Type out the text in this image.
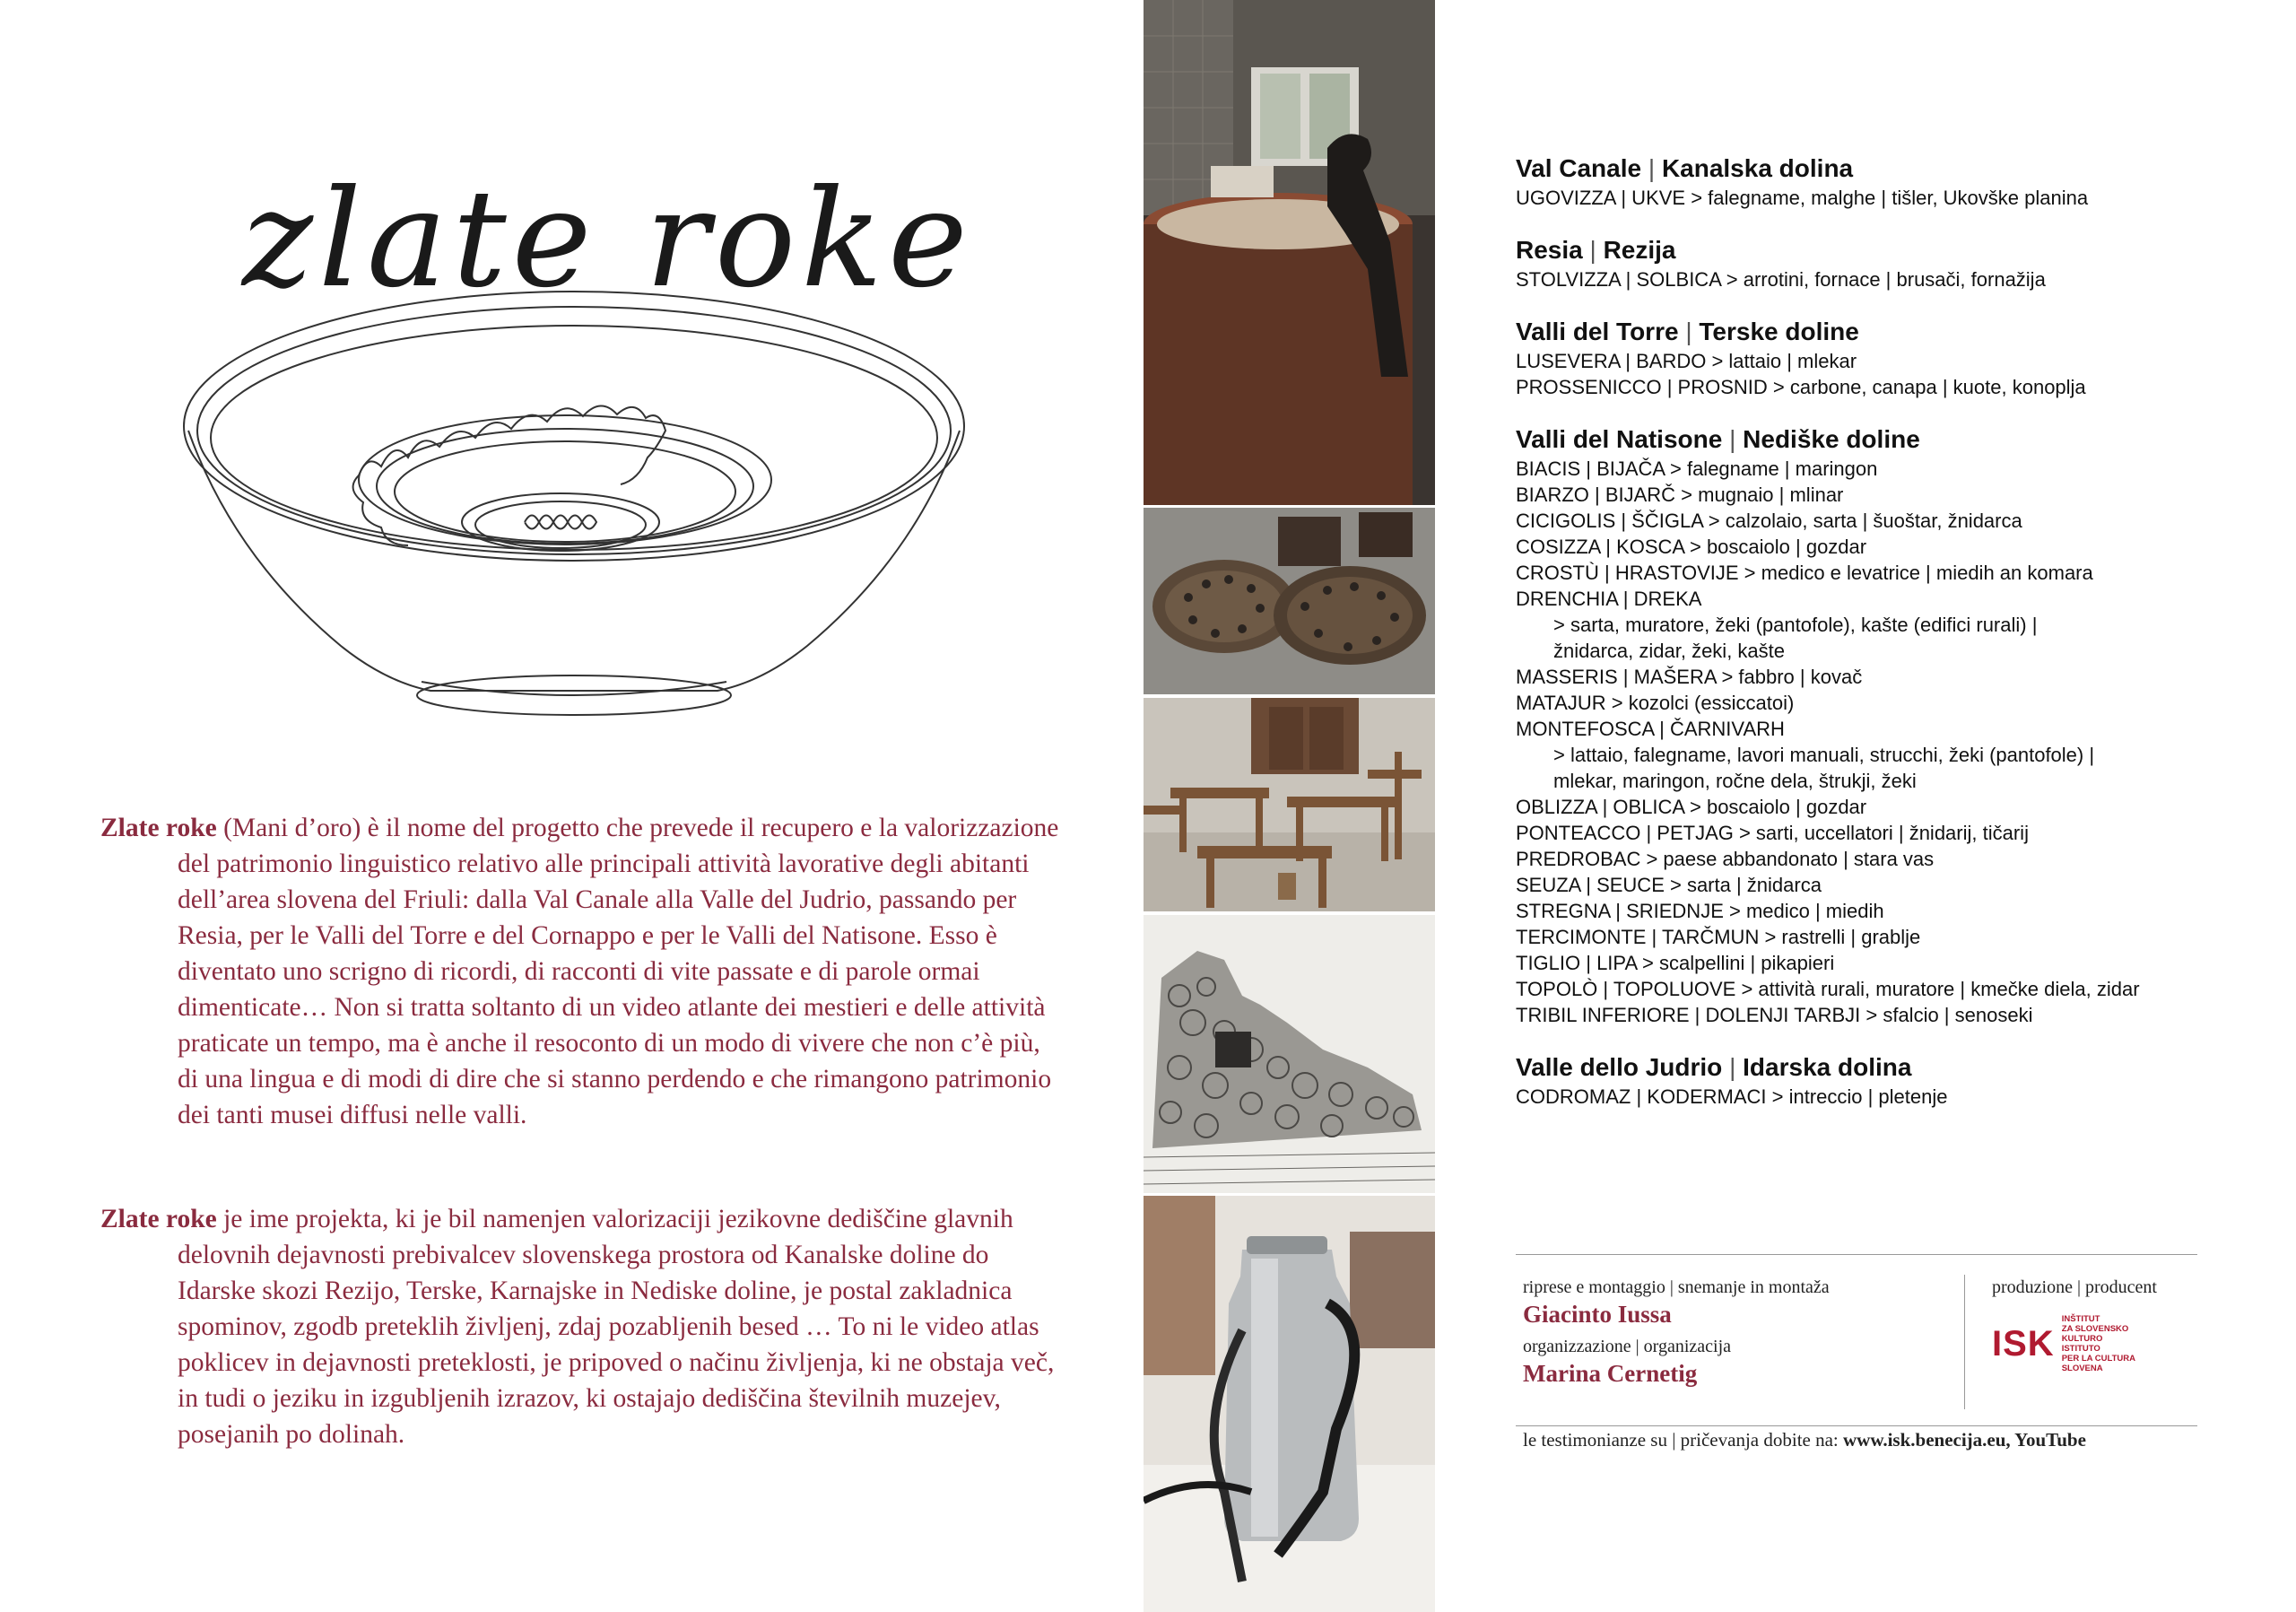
zlate roke

Zlate roke (Mani d’oro) è il nome del progetto che prevede il recupero e la valorizzazione del patrimonio linguistico relativo alle principali attività lavorative degli abitanti dell’area slovena del Friuli: dalla Val Canale alla Valle del Judrio, passando per Resia, per le Valli del Torre e del Cornappo e per le Valli del Natisone. Esso è diventato uno scrigno di ricordi, di racconti di vite passate e di parole ormai dimenticate… Non si tratta soltanto di un video atlante dei mestieri e delle attività praticate un tempo, ma è anche il resoconto di un modo di vivere che non c’è più, di una lingua e di modi di dire che si stanno perdendo e che rimangono patrimonio dei tanti musei diffusi nelle valli.

Zlate roke je ime projekta, ki je bil namenjen valorizaciji jezikovne dediščine glavnih delovnih dejavnosti prebivalcev slovenskega prostora od Kanalske doline do Idarske skozi Rezijo, Terske, Karnajske in Nediske doline, je postal zakladnica spominov, zgodb preteklih življenj, zdaj pozabljenih besed … To ni le video atlas poklicev in dejavnosti preteklosti, je pripoved o načinu življenja, ki ne obstaja več, in tudi o jeziku in izgubljenih izrazov, ki ostajajo dediščina številnih muzejev, posejanih po dolinah.

Val Canale | Kanalska dolina
UGOVIZZA | UKVE > falegname, malghe | tišler, Ukovške planina
Resia | Rezija
STOLVIZZA | SOLBICA > arrotini, fornace | brusači, fornažija
Valli del Torre | Terske doline
LUSEVERA | BARDO > lattaio | mlekar
PROSSENICCO | PROSNID > carbone, canapa | kuote, konoplja
Valli del Natisone | Nediške doline
BIACIS | BIJAČA > falegname | maringon
BIARZO | BIJARČ > mugnaio | mlinar
CICIGOLIS | ŠČIGLA > calzolaio, sarta | šuoštar, žnidarca
COSIZZA | KOSCA > boscaiolo | gozdar
CROSTÙ | HRASTOVIJE > medico e levatrice | miedih an komara
DRENCHIA | DREKA
> sarta, muratore, žeki (pantofole), kašte (edifici rurali) |
žnidarca, zidar, žeki, kašte
MASSERIS | MAŠERA > fabbro | kovač
MATAJUR > kozolci (essiccatoi)
MONTEFOSCA | ČARNIVARH
> lattaio, falegname, lavori manuali, strucchi, žeki (pantofole) |
mlekar, maringon, ročne dela, štrukji, žeki
OBLIZZA | OBLICA > boscaiolo | gozdar
PONTEACCO | PETJAG > sarti, uccellatori | žnidarij, tičarij
PREDROBAC > paese abbandonato | stara vas
SEUZA | SEUCE > sarta | žnidarca
STREGNA | SRIEDNJE > medico | miedih
TERCIMONTE | TARČMUN > rastrelli | grablje
TIGLIO | LIPA > scalpellini | pikapieri
TOPOLÒ | TOPOLUOVE > attività rurali, muratore | kmečke diela, zidar
TRIBIL INFERIORE | DOLENJI TARBJI > sfalcio | senoseki
Valle dello Judrio | Idarska dolina
CODROMAZ | KODERMACI > intreccio | pletenje
riprese e montaggio | snemanje in montaža
Giacinto Iussa
organizzazione | organizacija
Marina Cernetig
produzione | producent
ISK
INŠTITUT
ZA SLOVENSKO
KULTURO
ISTITUTO
PER LA CULTURA
SLOVENA
le testimonianze su | pričevanja dobite na: www.isk.benecija.eu, YouTube
